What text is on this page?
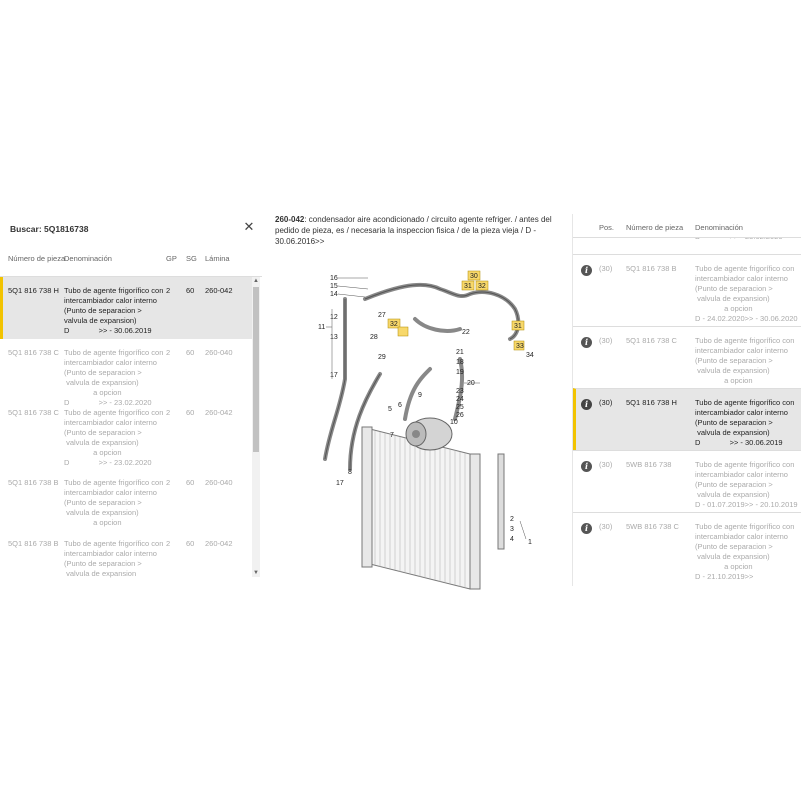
Buscar: 5Q1816738	✕
Número de pieza
Denominación	GP SG Lámina
5Q1 816 738 H Tubo de agente frigorífico con
intercambiador calor interno
(Punto de separacion >
valvula de expansion)
D              >> - 30.06.2019
2 60 260-042
5Q1 816 738 C Tubo de agente frigorífico con
intercambiador calor interno
(Punto de separacion >
valvula de expansion)
a opcion
D              >> - 23.02.2020
2 60 260-040
5Q1 816 738 C Tubo de agente frigorífico con
intercambiador calor interno
(Punto de separacion >
valvula de expansion)
a opcion
D              >> - 23.02.2020
2 60 260-042
5Q1 816 738 B Tubo de agente frigorífico con
intercambiador calor interno
(Punto de separacion >
valvula de expansion)
a opcion
2 60 260-040
5Q1 816 738 B Tubo de agente frigorífico con
intercambiador calor interno
(Punto de separacion >
valvula de expansion
2 60 260-042
▲
▼
260-042: condensador aire acondicionado / circuito agente refriger. / antes del pedido de pieza, es / necesaria la inspeccion fisica / de la pieza vieja / D - 30.06.2016>>
30
31 32
32	31
34
33
11
12
13
14
15
16
17
22
21
20
19
18
23
24
25
26
27
28
29
5
6
7
8
9
10
1
2
3
4
17
Pos. Número de pieza Denominación
i	(30) 5Q1 816 738 B Tubo de agente frigorífico con
intercambiador calor interno
(Punto de separacion >
valvula de expansion)
a opcion
D - 24.02.2020>> - 30.06.2020
i	(30) 5Q1 816 738 C Tubo de agente frigorífico con
intercambiador calor interno
(Punto de separacion >
valvula de expansion)
a opcion

i	(30) 5Q1 816 738 H Tubo de agente frigorífico con
intercambiador calor interno
(Punto de separacion >
valvula de expansion)
D              >> - 30.06.2019
i	(30) 5WB 816 738	Tubo de agente frigorífico con
intercambiador calor interno
(Punto de separacion >
valvula de expansion)
D - 01.07.2019>> - 20.10.2019
i	(30) 5WB 816 738 C Tubo de agente frigorífico con
intercambiador calor interno
(Punto de separacion >
valvula de expansion)
a opcion
D - 21.10.2019>>
